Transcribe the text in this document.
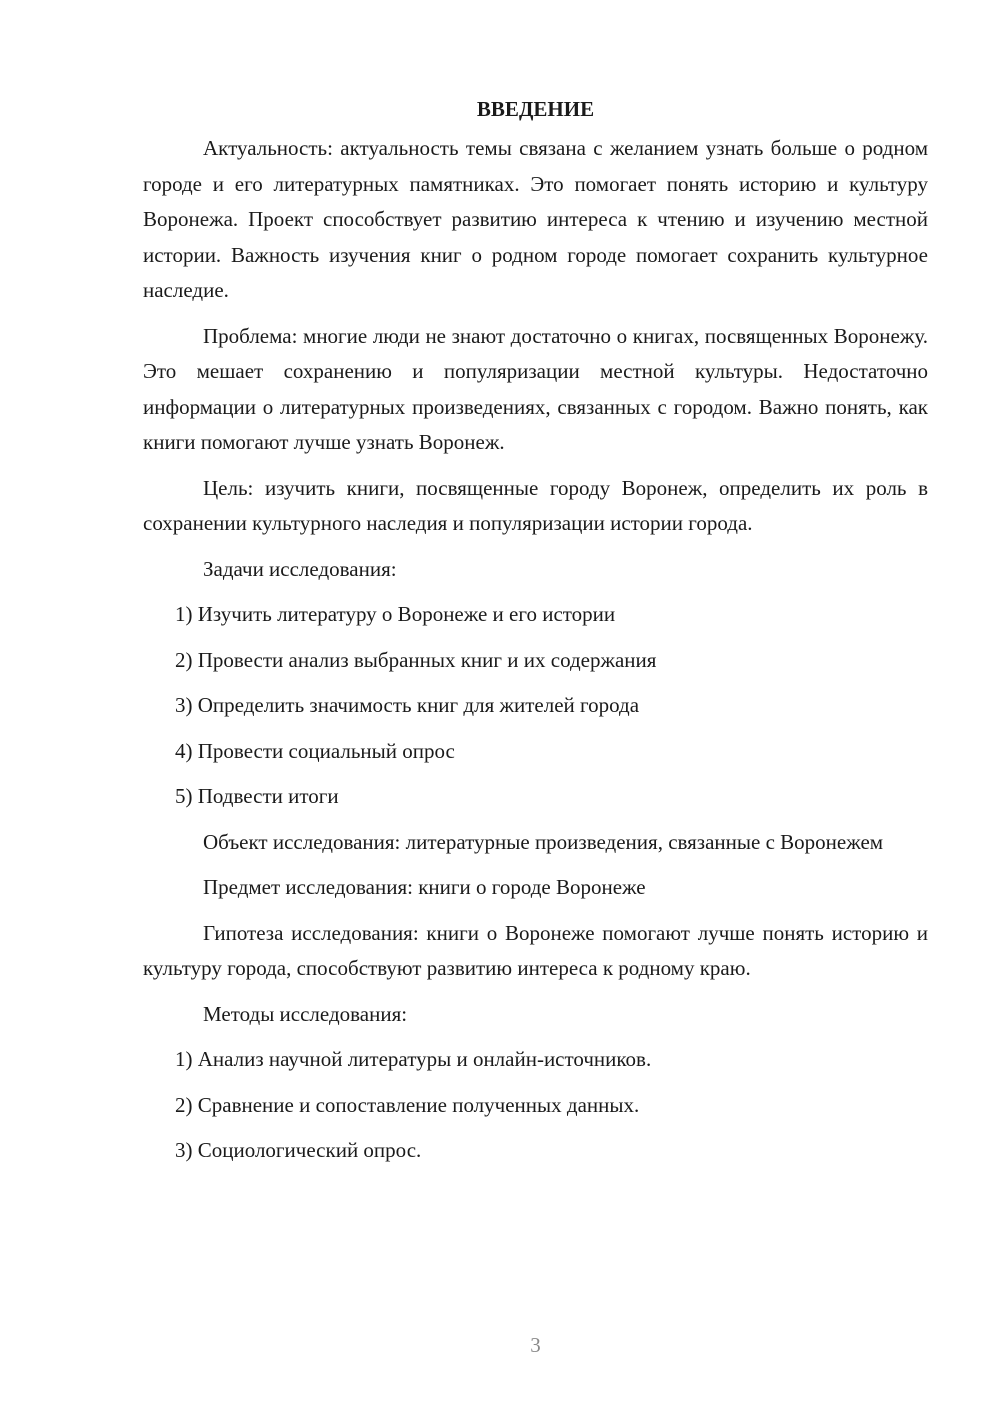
ВВЕДЕНИЕ

Актуальность: актуальность темы связана с желанием узнать больше о родном городе и его литературных памятниках. Это помогает понять историю и культуру Воронежа. Проект способствует развитию интереса к чтению и изучению местной истории. Важность изучения книг о родном городе помогает сохранить культурное наследие.

Проблема: многие люди не знают достаточно о книгах, посвященных Воронежу. Это мешает сохранению и популяризации местной культуры. Недостаточно информации о литературных произведениях, связанных с городом. Важно понять, как книги помогают лучше узнать Воронеж.

Цель: изучить книги, посвященные городу Воронеж, определить их роль в сохранении культурного наследия и популяризации истории города.

Задачи исследования:

1) Изучить литературу о Воронеже и его истории
2) Провести анализ выбранных книг и их содержания
3) Определить значимость книг для жителей города
4) Провести социальный опрос
5) Подвести итоги

Объект исследования: литературные произведения, связанные с Воронежем

Предмет исследования: книги о городе Воронеже

Гипотеза исследования: книги о Воронеже помогают лучше понять историю и культуру города, способствуют развитию интереса к родному краю.

Методы исследования:

1) Анализ научной литературы и онлайн-источников.
2) Сравнение и сопоставление полученных данных.
3) Социологический опрос.
3
